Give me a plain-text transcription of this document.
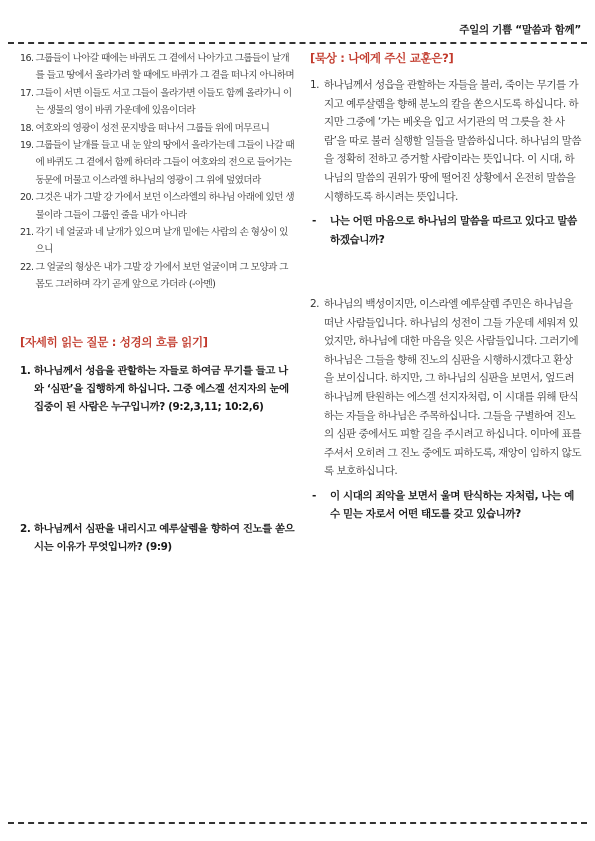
주일의 기쁨 “말씀과 함께”
16. 그룹들이 나아갈 때에는 바퀴도 그 곁에서 나아가고 그룹들이 날개를 들고 땅에서 올라가려 할 때에도 바퀴가 그 곁을 떠나지 아니하며
17. 그들이 서면 이들도 서고 그들이 올라가면 이들도 함께 올라가니 이는 생물의 영이 바퀴 가운데에 있음이더라
18. 여호와의 영광이 성전 문지방을 떠나서 그룹들 위에 머무르니
19. 그룹들이 날개를 들고 내 눈 앞의 땅에서 올라가는데 그들이 나갈 때에 바퀴도 그 곁에서 함께 하더라 그들이 여호와의 전으로 들어가는 동문에 머물고 이스라엘 하나님의 영광이 그 위에 덮였더라
20. 그것은 내가 그발 강 가에서 보던 이스라엘의 하나님 아래에 있던 생물이라 그들이 그룹인 줄을 내가 아니라
21. 각기 네 얼굴과 네 날개가 있으며 날개 밑에는 사람의 손 형상이 있으니
22. 그 얼굴의 형상은 내가 그발 강 가에서 보던 얼굴이며 그 모양과 그 몸도 그러하며 각기 곧게 앞으로 가더라 (-아멘)
[자세히 읽는 질문 : 성경의 흐름 읽기]
1. 하나님께서 성읍을 관할하는 자들로 하여금 무기를 들고 나와 ‘심판’을 집행하게 하십니다. 그중 에스겔 선지자의 눈에 집중이 된 사람은 누구입니까? (9:2,3,11; 10:2,6)
2. 하나님께서 심판을 내리시고 예루살렘을 향하여 진노를 쏟으시는 이유가 무엇입니까? (9:9)
[묵상 : 나에게 주신 교훈은?]
1. 하나님께서 성읍을 관할하는 자들을 불러, 죽이는 무기를 가지고 예루살렘을 향해 분노의 칼을 쏟으시도록 하십니다. 하지만 그중에 ‘가는 베옷을 입고 서기관의 먹 그릇을 찬 사람’을 따로 불러 실행할 일들을 말씀하십니다. 하나님의 말씀을 정확히 전하고 증거할 사람이라는 뜻입니다. 이 시대, 하나님의 말씀의 권위가 땅에 떨어진 상황에서 온전히 말씀을 시행하도록 하시려는 뜻입니다.
-	나는 어떤 마음으로 하나님의 말씀을 따르고 있다고 말씀하겠습니까?
2. 하나님의 백성이지만, 이스라엘 예루살렘 주민은 하나님을 떠난 사람들입니다. 하나님의 성전이 그들 가운데 세워져 있었지만, 하나님에 대한 마음을 잊은 사람들입니다. 그러기에 하나님은 그들을 향해 진노의 심판을 시행하시겠다고 환상을 보이십니다. 하지만, 그 하나님의 심판을 보면서, 엎드려 하나님께 탄원하는 에스겔 선지자처럼, 이 시대를 위해 탄식하는 자들을 하나님은 주목하십니다. 그들을 구별하여 진노의 심판 중에서도 피할 길을 주시려고 하십니다. 이마에 표를 주셔서 오히려 그 진노 중에도 피하도록, 재앙이 임하지 않도록 보호하십니다.
-	이 시대의 죄악을 보면서 울며 탄식하는 자처럼, 나는 예수 믿는 자로서 어떤 태도를 갖고 있습니까?
